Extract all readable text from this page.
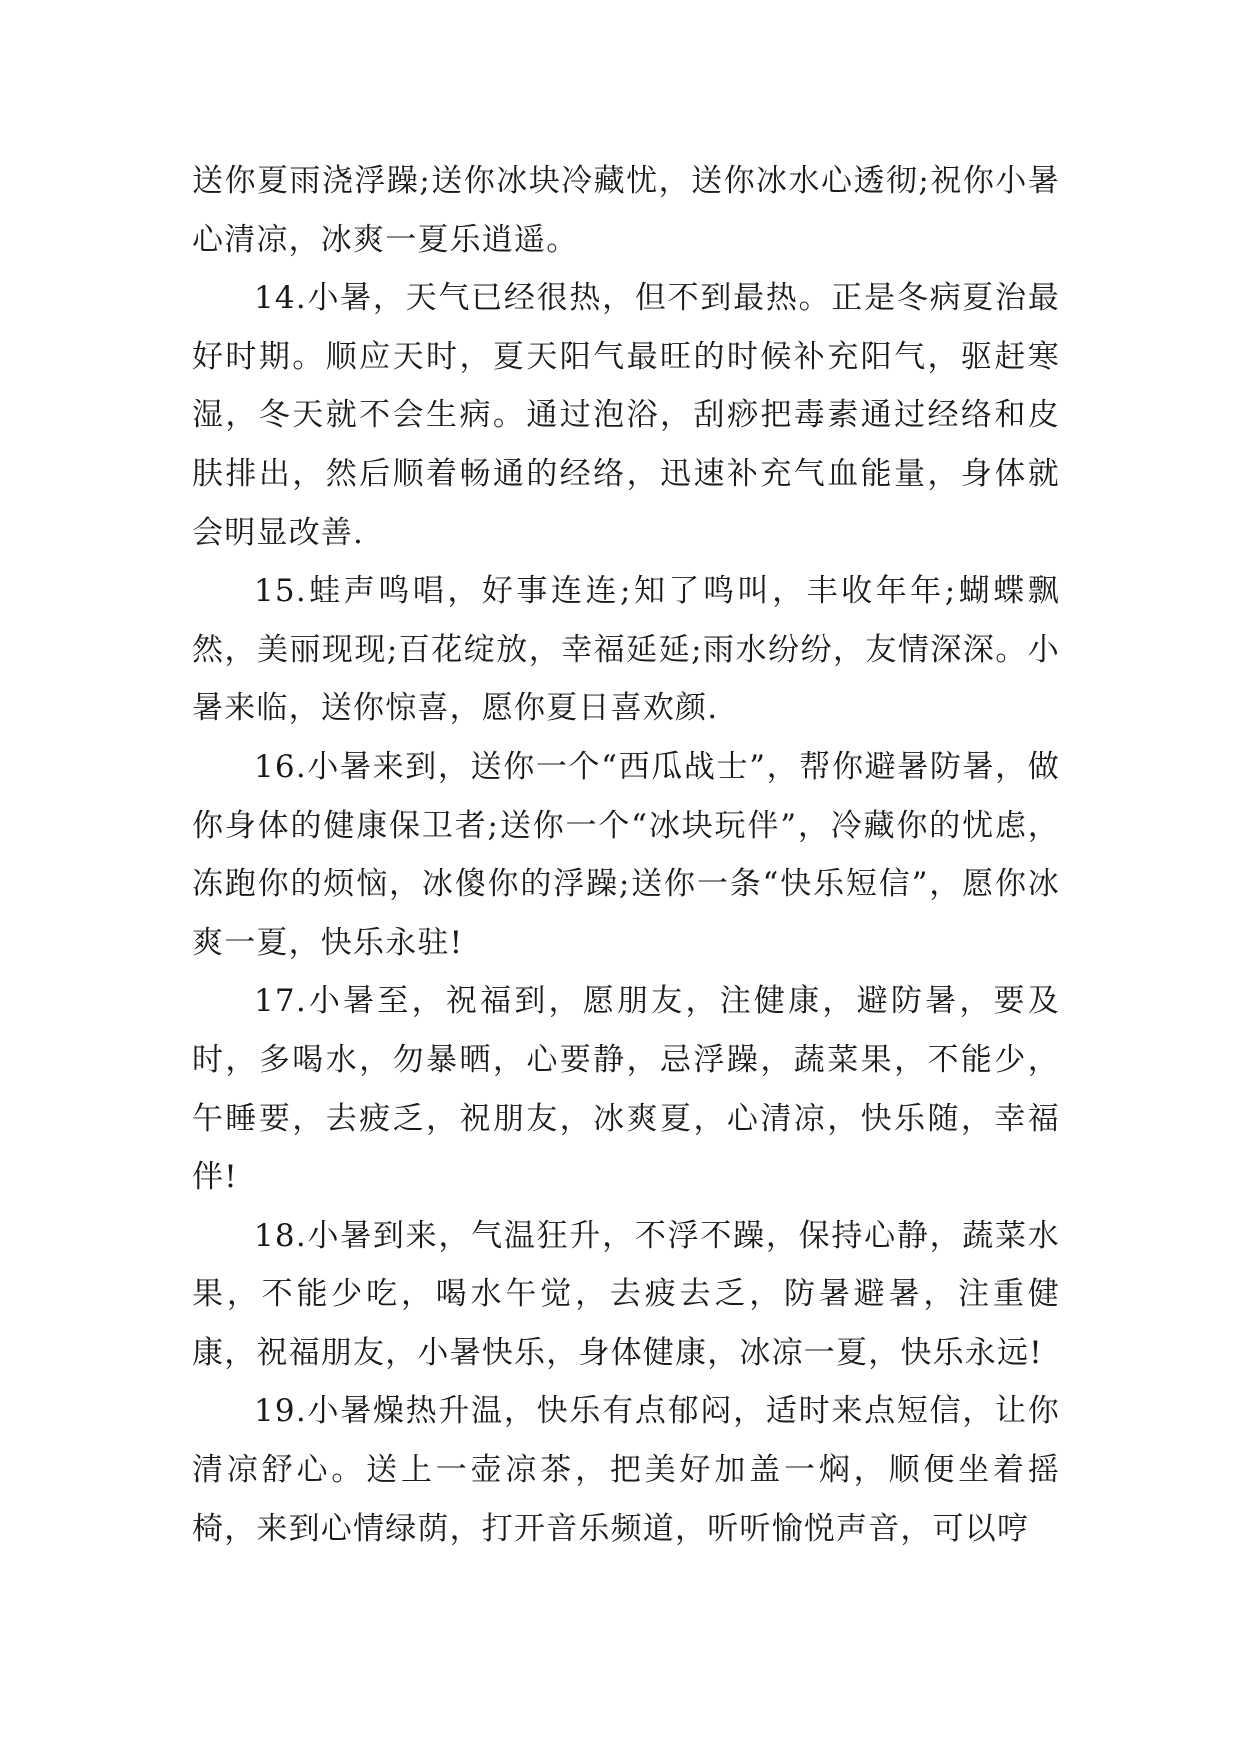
送你夏雨浇浮躁;送你冰块冷藏忧，送你冰水心透彻;祝你小暑心清凉，冰爽一夏乐逍遥。

14.小暑，天气已经很热，但不到最热。正是冬病夏治最好时期。顺应天时，夏天阳气最旺的时候补充阳气，驱赶寒湿，冬天就不会生病。通过泡浴，刮痧把毒素通过经络和皮肤排出，然后顺着畅通的经络，迅速补充气血能量，身体就会明显改善.

15.蛙声鸣唱，好事连连;知了鸣叫，丰收年年;蝴蝶飘然，美丽现现;百花绽放，幸福延延;雨水纷纷，友情深深。小暑来临，送你惊喜，愿你夏日喜欢颜.

16.小暑来到，送你一个“西瓜战士”，帮你避暑防暑，做你身体的健康保卫者;送你一个“冰块玩伴”，冷藏你的忧虑，冻跑你的烦恼，冰傻你的浮躁;送你一条“快乐短信”，愿你冰爽一夏，快乐永驻!

17.小暑至，祝福到，愿朋友，注健康，避防暑，要及时，多喝水，勿暴晒，心要静，忌浮躁，蔬菜果，不能少，午睡要，去疲乏，祝朋友，冰爽夏，心清凉，快乐随，幸福伴!

18.小暑到来，气温狂升，不浮不躁，保持心静，蔬菜水果，不能少吃，喝水午觉，去疲去乏，防暑避暑，注重健康，祝福朋友，小暑快乐，身体健康，冰凉一夏，快乐永远!

19.小暑燥热升温，快乐有点郁闷，适时来点短信，让你清凉舒心。送上一壶凉茶，把美好加盖一焖，顺便坐着摇椅，来到心情绿荫，打开音乐频道，听听愉悦声音，可以哼
